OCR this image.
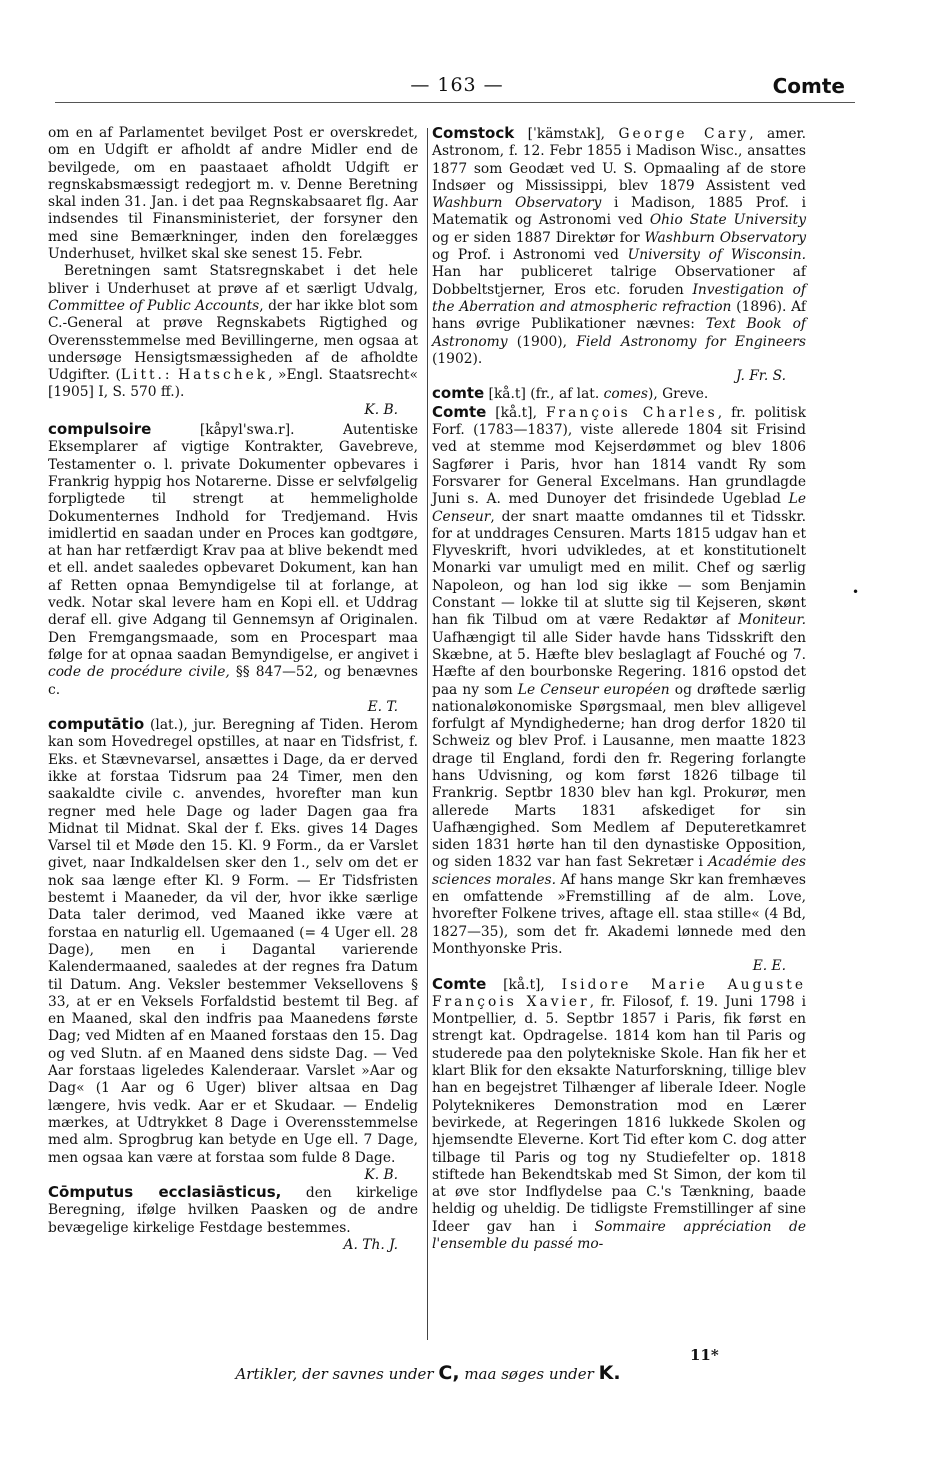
— 163 —	Comte

om en af Parlamentet bevilget Post er overskredet, om en Udgift er afholdt af andre Midler end de bevilgede, om en paastaaet afholdt Udgift er regnskabsmæssigt redegjort m. v. Denne Beretning skal inden 31. Jan. i det paa Regnskabsaaret flg. Aar indsendes til Finansministeriet, der forsyner den med sine Bemærkninger, inden den forelægges Underhuset, hvilket skal ske senest 15. Febr.

Beretningen samt Statsregnskabet i det hele bliver i Underhuset at prøve af et særligt Udvalg, Committee of Public Accounts, der har ikke blot som C.-General at prøve Regnskabets Rigtighed og Overensstemmelse med Bevillingerne, men ogsaa at undersøge Hensigtsmæssigheden af de afholdte Udgifter. (Litt.: Hatschek, »Engl. Staatsrecht« [1905] I, S. 570 ff.).
K. B.

compulsoire [kåpyl'swa.r]. Autentiske Eksemplarer af vigtige Kontrakter, Gavebreve, Testamenter o. l. private Dokumenter opbevares i Frankrig hyppig hos Notarerne. Disse er selvfølgelig forpligtede til strengt at hemmeligholde Dokumenternes Indhold for Tredjemand. Hvis imidlertid en saadan under en Proces kan godtgøre, at han har retfærdigt Krav paa at blive bekendt med et ell. andet saaledes opbevaret Dokument, kan han af Retten opnaa Bemyndigelse til at forlange, at vedk. Notar skal levere ham en Kopi ell. et Uddrag deraf ell. give Adgang til Gennemsyn af Originalen. Den Fremgangsmaade, som en Procespart maa følge for at opnaa saadan Bemyndigelse, er angivet i code de procédure civile, §§ 847—52, og benævnes c.
E. T.

computātio (lat.), jur. Beregning af Tiden. Herom kan som Hovedregel opstilles, at naar en Tidsfrist, f. Eks. et Stævnevarsel, ansættes i Dage, da er derved ikke at forstaa Tidsrum paa 24 Timer, men den saakaldte civile c. anvendes, hvorefter man kun regner med hele Dage og lader Dagen gaa fra Midnat til Midnat. Skal der f. Eks. gives 14 Dages Varsel til et Møde den 15. Kl. 9 Form., da er Varslet givet, naar Indkaldelsen sker den 1., selv om det er nok saa længe efter Kl. 9 Form. — Er Tidsfristen bestemt i Maaneder, da vil der, hvor ikke særlige Data taler derimod, ved Maaned ikke være at forstaa en naturlig ell. Ugemaaned (= 4 Uger ell. 28 Dage), men en i Dagantal varierende Kalendermaaned, saaledes at der regnes fra Datum til Datum. Ang. Veksler bestemmer Veksellovens § 33, at er en Veksels Forfaldstid bestemt til Beg. af en Maaned, skal den indfris paa Maanedens første Dag; ved Midten af en Maaned forstaas den 15. Dag og ved Slutn. af en Maaned dens sidste Dag. — Ved Aar forstaas ligeledes Kalenderaar. Varslet »Aar og Dag« (1 Aar og 6 Uger) bliver altsaa en Dag længere, hvis vedk. Aar er et Skudaar. — Endelig mærkes, at Udtrykket 8 Dage i Overensstemmelse med alm. Sprogbrug kan betyde en Uge ell. 7 Dage, men ogsaa kan være at forstaa som fulde 8 Dage.
K. B.

Cōmputus ecclasiāsticus, den kirkelige Beregning, ifølge hvilken Paasken og de andre bevægelige kirkelige Festdage bestemmes.
A. Th. J.

Comstock [ˈkämstʌk], George Cary, amer. Astronom, f. 12. Febr 1855 i Madison Wisc., ansattes 1877 som Geodæt ved U. S. Opmaaling af de store Indsøer og Mississippi, blev 1879 Assistent ved Washburn Observatory i Madison, 1885 Prof. i Matematik og Astronomi ved Ohio State University og er siden 1887 Direktør for Washburn Observatory og Prof. i Astronomi ved University of Wisconsin. Han har publiceret talrige Observationer af Dobbeltstjerner, Eros etc. foruden Investigation of the Aberration and atmospheric refraction (1896). Af hans øvrige Publikationer nævnes: Text Book of Astronomy (1900), Field Astronomy for Engineers (1902).
J. Fr. S.

comte [kå.t] (fr., af lat. comes), Greve.

Comte [kå.t], François Charles, fr. politisk Forf. (1783—1837), viste allerede 1804 sit Frisind ved at stemme mod Kejserdømmet og blev 1806 Sagfører i Paris, hvor han 1814 vandt Ry som Forsvarer for General Excelmans. Han grundlagde Juni s. A. med Dunoyer det frisindede Ugeblad Le Censeur, der snart maatte omdannes til et Tidsskr. for at unddrages Censuren. Marts 1815 udgav han et Flyveskrift, hvori udvikledes, at et konstitutionelt Monarki var umuligt med en milit. Chef og særlig Napoleon, og han lod sig ikke — som Benjamin Constant — lokke til at slutte sig til Kejseren, skønt han fik Tilbud om at være Redaktør af Moniteur. Uafhængigt til alle Sider havde hans Tidsskrift den Skæbne, at 5. Hæfte blev beslaglagt af Fouché og 7. Hæfte af den bourbonske Regering. 1816 opstod det paa ny som Le Censeur européen og drøftede særlig nationaløkonomiske Spørgsmaal, men blev alligevel forfulgt af Myndighederne; han drog derfor 1820 til Schweiz og blev Prof. i Lausanne, men maatte 1823 drage til England, fordi den fr. Regering forlangte hans Udvisning, og kom først 1826 tilbage til Frankrig. Septbr 1830 blev han kgl. Prokurør, men allerede Marts 1831 afskediget for sin Uafhængighed. Som Medlem af Deputeretkamret siden 1831 hørte han til den dynastiske Opposition, og siden 1832 var han fast Sekretær i Académie des sciences morales. Af hans mange Skr kan fremhæves en omfattende »Fremstilling af de alm. Love, hvorefter Folkene trives, aftage ell. staa stille« (4 Bd, 1827—35), som det fr. Akademi lønnede med den Monthyonske Pris.
E. E.

Comte [kå.t], Isidore Marie Auguste François Xavier, fr. Filosof, f. 19. Juni 1798 i Montpellier, d. 5. Septbr 1857 i Paris, fik først en strengt kat. Opdragelse. 1814 kom han til Paris og studerede paa den polytekniske Skole. Han fik her et klart Blik for den eksakte Naturforskning, tillige blev han en begejstret Tilhænger af liberale Ideer. Nogle Polyteknikeres Demonstration mod en Lærer bevirkede, at Regeringen 1816 lukkede Skolen og hjemsendte Eleverne. Kort Tid efter kom C. dog atter tilbage til Paris og tog ny Studiefelter op. 1818 stiftede han Bekendtskab med St Simon, der kom til at øve stor Indflydelse paa C.'s Tænkning, baade heldig og uheldig. De tidligste Fremstillinger af sine Ideer gav han i Sommaire appréciation de l'ensemble du passé mo-

•
11*
Artikler, der savnes under C, maa søges under K.
